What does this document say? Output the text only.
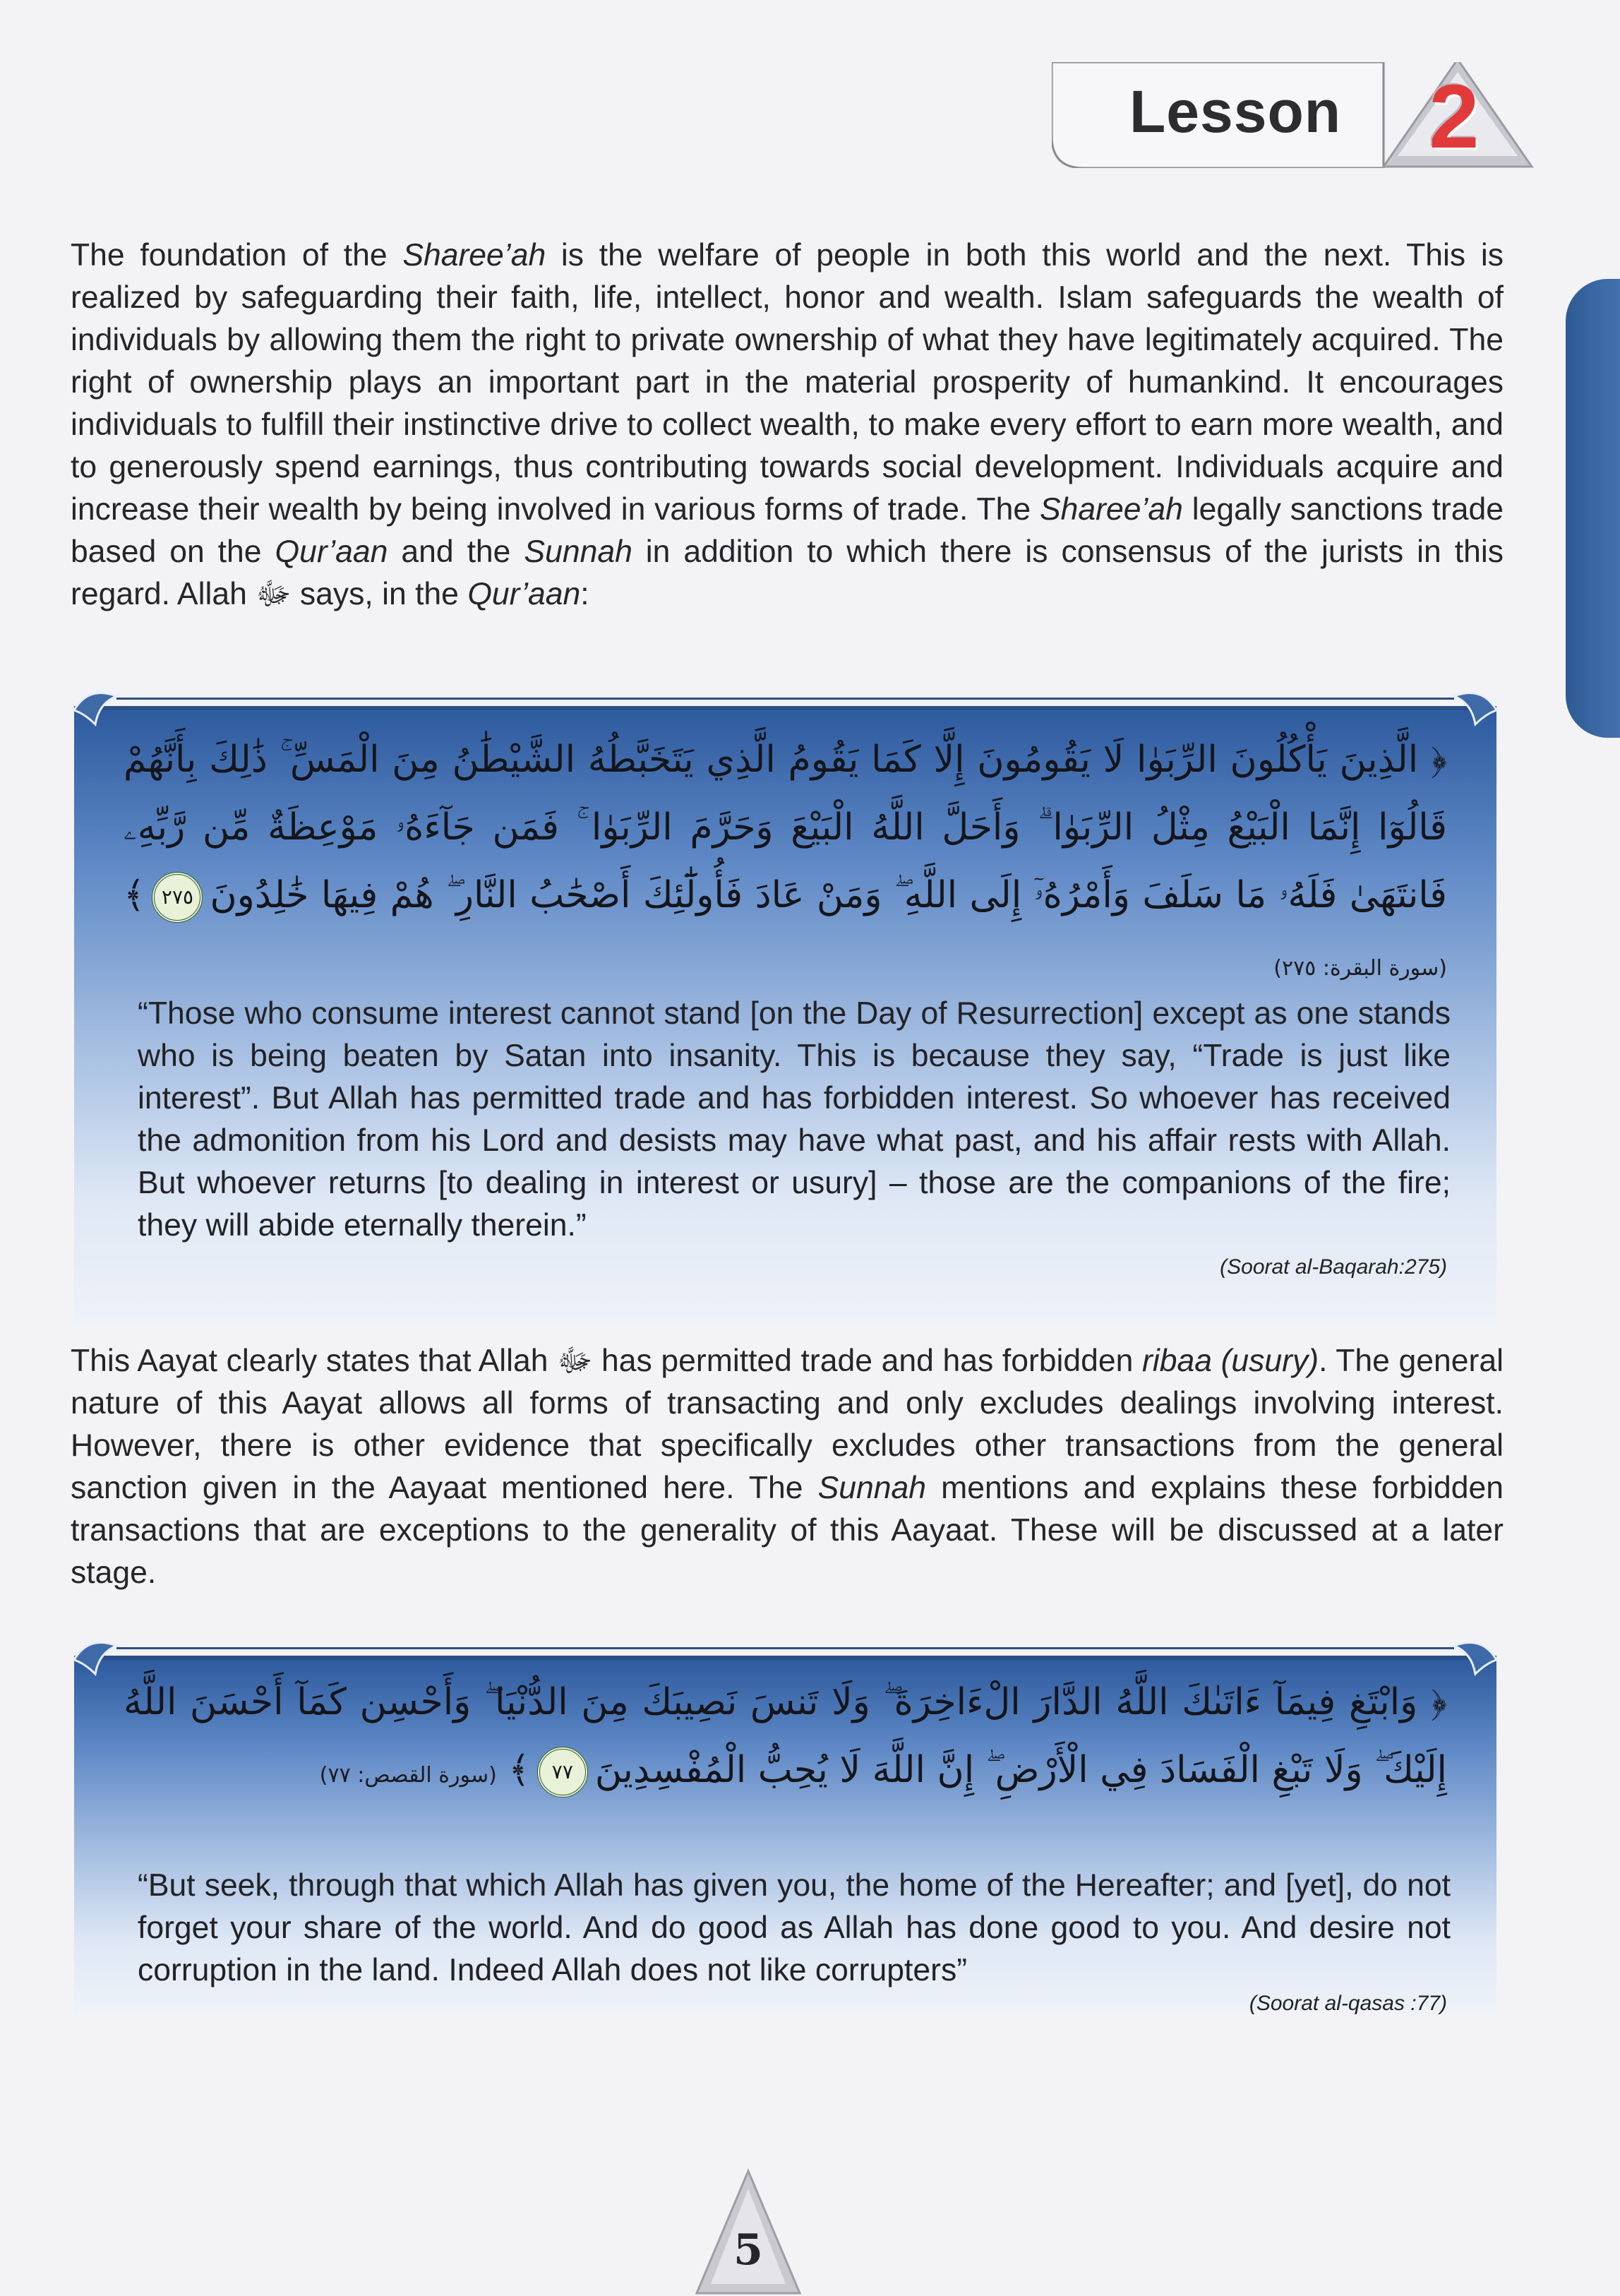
Lesson 2

The foundation of the Sharee’ah is the welfare of people in both this world and the next. This is realized by safeguarding their faith, life, intellect, honor and wealth. Islam safeguards the wealth of individuals by allowing them the right to private ownership of what they have legitimately acquired. The right of ownership plays an important part in the material prosperity of humankind. It encourages individuals to fulfill their instinctive drive to collect wealth, to make every effort to earn more wealth, and to generously spend earnings, thus contributing towards social development. Individuals acquire and increase their wealth by being involved in various forms of trade. The Sharee’ah legally sanctions trade based on the Qur’aan and the Sunnah in addition to which there is consensus of the jurists in this regard. Allah ﷻ says, in the Qur’aan:

﴿ الَّذِينَ يَأْكُلُونَ الرِّبَوٰا لَا يَقُومُونَ إِلَّا كَمَا يَقُومُ الَّذِي يَتَخَبَّطُهُ الشَّيْطَٰنُ مِنَ الْمَسِّ ۚ ذَٰلِكَ بِأَنَّهُمْ قَالُوٓا إِنَّمَا الْبَيْعُ مِثْلُ الرِّبَوٰا ۗ وَأَحَلَّ اللَّهُ الْبَيْعَ وَحَرَّمَ الرِّبَوٰا ۚ فَمَن جَآءَهُۥ مَوْعِظَةٌ مِّن رَّبِّهِۦ فَانتَهَىٰ فَلَهُۥ مَا سَلَفَ وَأَمْرُهُۥٓ إِلَى اللَّهِ ۖ وَمَنْ عَادَ فَأُولَٰٓئِكَ أَصْحَٰبُ النَّارِ ۖ هُمْ فِيهَا خَٰلِدُونَ٢٧٥﴾ (سورة البقرة: ٢٧٥)

“Those who consume interest cannot stand [on the Day of Resurrection] except as one stands who is being beaten by Satan into insanity. This is because they say, “Trade is just like interest”. But Allah has permitted trade and has forbidden interest. So whoever has received the admonition from his Lord and desists may have what past, and his affair rests with Allah. But whoever returns [to dealing in interest or usury] – those are the companions of the fire; they will abide eternally therein.”

(Soorat al-Baqarah:275)

This Aayat clearly states that Allah ﷻ has permitted trade and has forbidden ribaa (usury). The general nature of this Aayat allows all forms of transacting and only excludes dealings involving interest. However, there is other evidence that specifically excludes other transactions from the general sanction given in the Aayaat mentioned here. The Sunnah mentions and explains these forbidden transactions that are exceptions to the generality of this Aayaat. These will be discussed at a later stage.

﴿ وَابْتَغِ فِيمَآ ءَاتَىٰكَ اللَّهُ الدَّارَ الْءَاخِرَةَ ۖ وَلَا تَنسَ نَصِيبَكَ مِنَ الدُّنْيَا ۖ وَأَحْسِن كَمَآ أَحْسَنَ اللَّهُ إِلَيْكَ ۖ وَلَا تَبْغِ الْفَسَادَ فِي الْأَرْضِ ۖ إِنَّ اللَّهَ لَا يُحِبُّ الْمُفْسِدِينَ٧٧﴾ (سورة القصص: ٧٧)

“But seek, through that which Allah has given you, the home of the Hereafter; and [yet], do not forget your share of the world. And do good as Allah has done good to you. And desire not corruption in the land. Indeed Allah does not like corrupters”

(Soorat al-qasas :77)
5
